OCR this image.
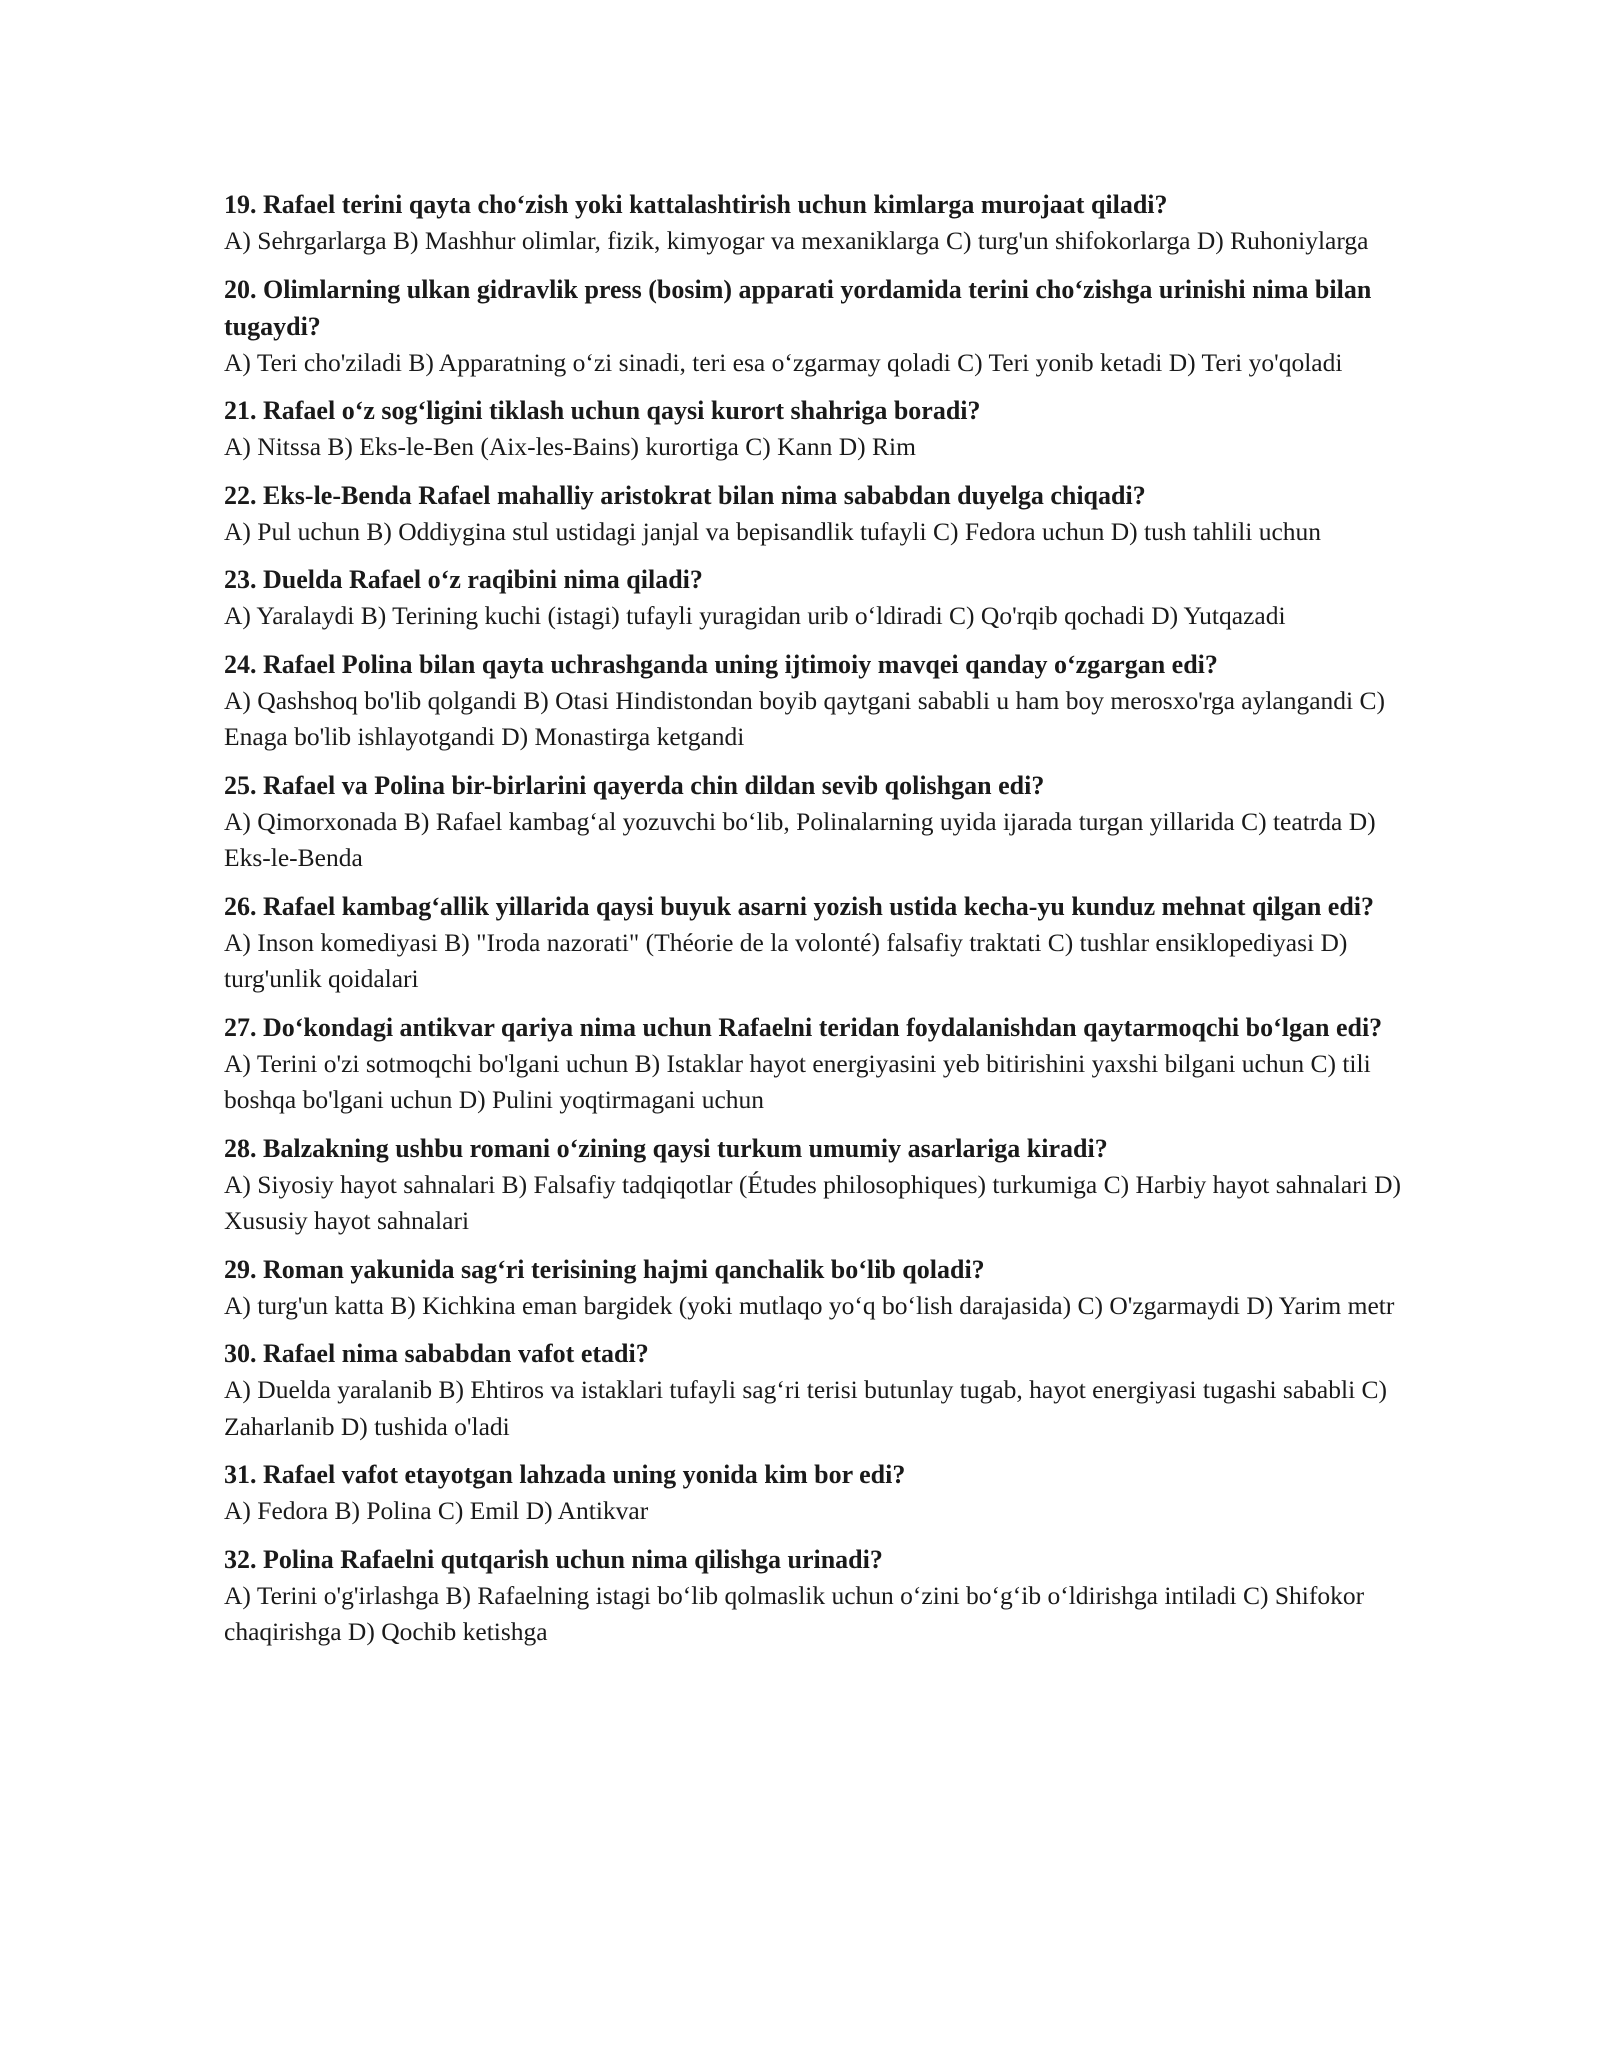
19. Rafael terini qayta choʻzish yoki kattalashtirish uchun kimlarga murojaat qiladi?

A) Sehrgarlarga B) Mashhur olimlar, fizik, kimyogar va mexaniklarga C) turg'un shifokorlarga D) Ruhoniylarga

20. Olimlarning ulkan gidravlik press (bosim) apparati yordamida terini choʻzishga urinishi nima bilan tugaydi?

A) Teri cho'ziladi B) Apparatning oʻzi sinadi, teri esa oʻzgarmay qoladi C) Teri yonib ketadi D) Teri yo'qoladi

21. Rafael oʻz sogʻligini tiklash uchun qaysi kurort shahriga boradi?

A) Nitssa B) Eks-le-Ben (Aix-les-Bains) kurortiga C) Kann D) Rim

22. Eks-le-Benda Rafael mahalliy aristokrat bilan nima sababdan duyelga chiqadi?

A) Pul uchun B) Oddiygina stul ustidagi janjal va bepisandlik tufayli C) Fedora uchun D) tush tahlili uchun

23. Duelda Rafael oʻz raqibini nima qiladi?

A) Yaralaydi B) Terining kuchi (istagi) tufayli yuragidan urib oʻldiradi C) Qo'rqib qochadi D) Yutqazadi

24. Rafael Polina bilan qayta uchrashganda uning ijtimoiy mavqei qanday oʻzgargan edi?

A) Qashshoq bo'lib qolgandi B) Otasi Hindistondan boyib qaytgani sababli u ham boy merosxo'rga aylangandi C) Enaga bo'lib ishlayotgandi D) Monastirga ketgandi

25. Rafael va Polina bir-birlarini qayerda chin dildan sevib qolishgan edi?

A) Qimorxonada B) Rafael kambagʻal yozuvchi boʻlib, Polinalarning uyida ijarada turgan yillarida C) teatrda D) Eks-le-Benda

26. Rafael kambagʻallik yillarida qaysi buyuk asarni yozish ustida kecha-yu kunduz mehnat qilgan edi?

A) Inson komediyasi B) "Iroda nazorati" (Théorie de la volonté) falsafiy traktati C) tushlar ensiklopediyasi D) turg'unlik qoidalari

27. Doʻkondagi antikvar qariya nima uchun Rafaelni teridan foydalanishdan qaytarmoqchi boʻlgan edi?

A) Terini o'zi sotmoqchi bo'lgani uchun B) Istaklar hayot energiyasini yeb bitirishini yaxshi bilgani uchun C) tili boshqa bo'lgani uchun D) Pulini yoqtirmagani uchun

28. Balzakning ushbu romani oʻzining qaysi turkum umumiy asarlariga kiradi?

A) Siyosiy hayot sahnalari B) Falsafiy tadqiqotlar (Études philosophiques) turkumiga C) Harbiy hayot sahnalari D) Xususiy hayot sahnalari

29. Roman yakunida sagʻri terisining hajmi qanchalik boʻlib qoladi?

A) turg'un katta B) Kichkina eman bargidek (yoki mutlaqo yoʻq boʻlish darajasida) C) O'zgarmaydi D) Yarim metr

30. Rafael nima sababdan vafot etadi?

A) Duelda yaralanib B) Ehtiros va istaklari tufayli sagʻri terisi butunlay tugab, hayot energiyasi tugashi sababli C) Zaharlanib D) tushida o'ladi

31. Rafael vafot etayotgan lahzada uning yonida kim bor edi?

A) Fedora B) Polina C) Emil D) Antikvar

32. Polina Rafaelni qutqarish uchun nima qilishga urinadi?

A) Terini o'g'irlashga B) Rafaelning istagi boʻlib qolmaslik uchun oʻzini boʻgʻib oʻldirishga intiladi C) Shifokor chaqirishga D) Qochib ketishga
